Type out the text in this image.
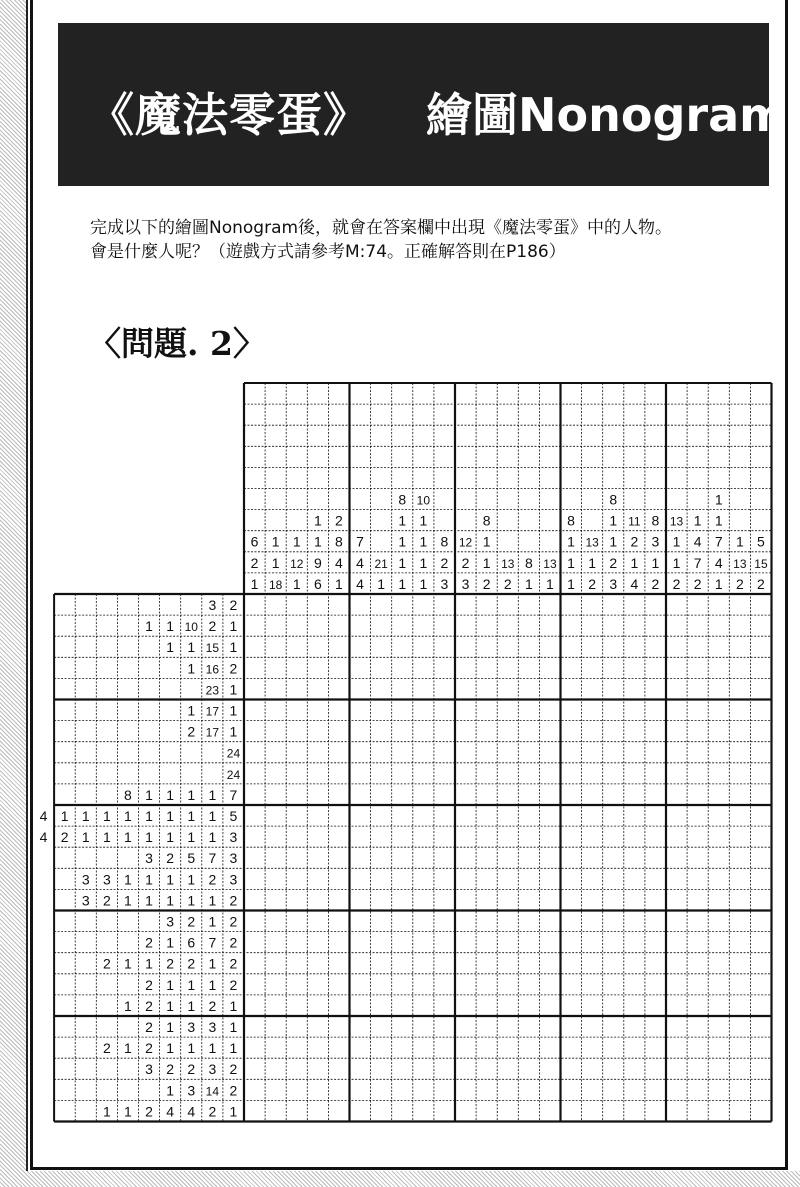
《魔法零蛋》 繪圖Nonogram
完成以下的繪圖Nonogram後，就會在答案欄中出現《魔法零蛋》中的人物。
會是什麼人呢？（遊戲方式請參考M:74。正確解答則在P186）
〈問題. 2〉
6
2
1
1
1
18
1
12
1
1
1
9
6
2
8
4
1
7
4
4
21
1
8
1
1
1
1
10
1
1
1
1
8
2
3
12
2
3
8
1
1
2
13
2
8
1
13
1
8
1
1
1
13
1
2
8
1
1
2
3
11
2
1
4
8
3
1
2
13
1
1
2
1
4
7
2
1
1
7
4
1
1
13
2
5
15
2
3 2
1 1 10 2 1
1 1 15 1
1 16 2
23 1
1 17 1
2 17 1
24
24
8 1 1 1 1 7
4 1 1 1 1 1 1 1 1 5
4 2 1 1 1 1 1 1 1 3
3 2 5 7 3
3 3 1 1 1 1 2 3
3 2 1 1 1 1 1 2
3 2 1 2
2 1 6 7 2
2 1 1 2 2 1 2
2 1 1 1 2
1 2 1 1 2 1
2 1 3 3 1
2 1 2 1 1 1 1
3 2 2 3 2
1 3 14 2
1 1 2 4 4 2 1
